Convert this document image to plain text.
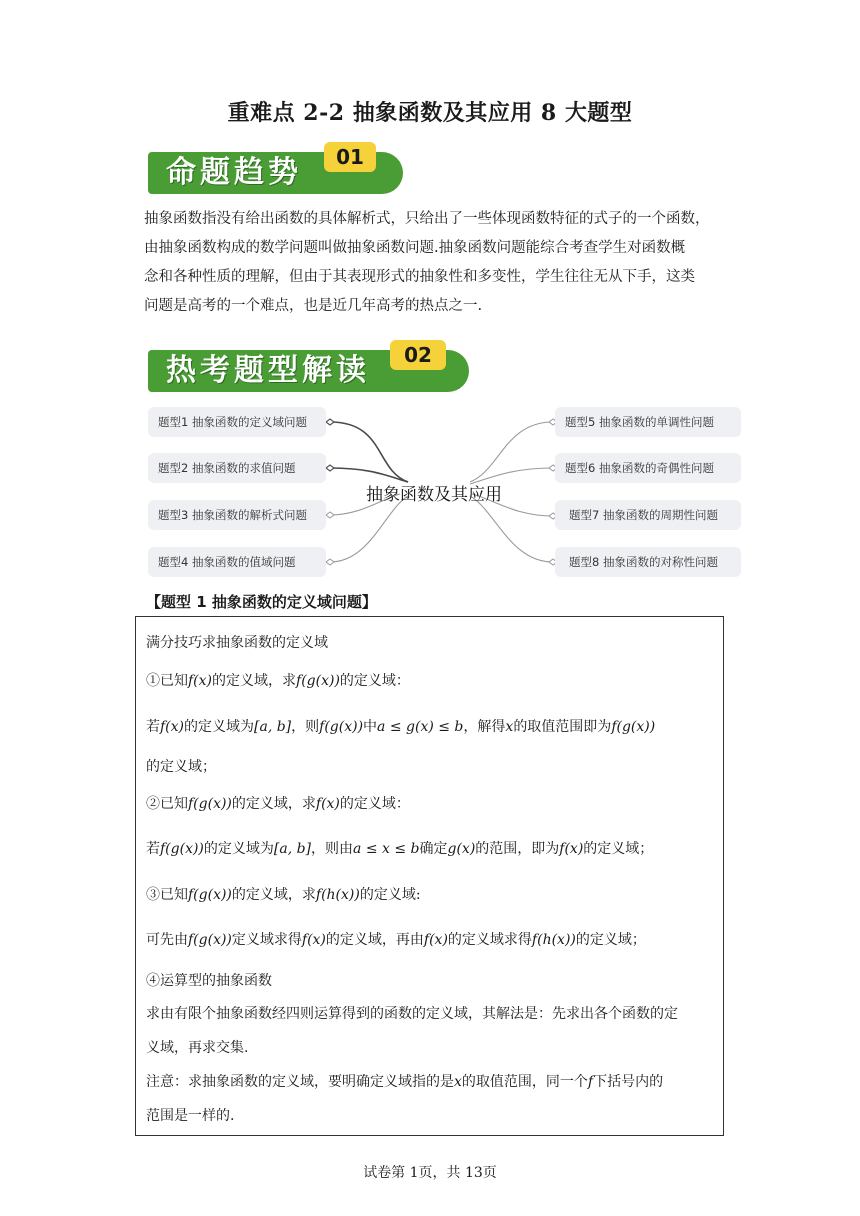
重难点 2-2 抽象函数及其应用 8 大题型
命题趋势	01
抽象函数指没有给出函数的具体解析式，只给出了一些体现函数特征的式子的一个函数，
由抽象函数构成的数学问题叫做抽象函数问题.抽象函数问题能综合考查学生对函数概
念和各种性质的理解，但由于其表现形式的抽象性和多变性，学生往往无从下手，这类
问题是高考的一个难点，也是近几年高考的热点之一.
热考题型解读	02
题型1 抽象函数的定义域问题
题型2 抽象函数的求值问题
题型3 抽象函数的解析式问题
题型4 抽象函数的值域问题
抽象函数及其应用
题型5 抽象函数的单调性问题
题型6 抽象函数的奇偶性问题
题型7 抽象函数的周期性问题
题型8 抽象函数的对称性问题
【题型 1 抽象函数的定义域问题】
满分技巧求抽象函数的定义域
①已知f(x)的定义域，求f(g(x))的定义域：
若f(x)的定义域为[a, b]，则f(g(x))中a ≤ g(x) ≤ b，解得x的取值范围即为f(g(x))
的定义域；
②已知f(g(x))的定义域，求f(x)的定义域：
若f(g(x))的定义域为[a, b]，则由a ≤ x ≤ b确定g(x)的范围，即为f(x)的定义域；
③已知f(g(x))的定义域，求f(h(x))的定义域:
可先由f(g(x))定义域求得f(x)的定义域，再由f(x)的定义域求得f(h(x))的定义域；
④运算型的抽象函数
求由有限个抽象函数经四则运算得到的函数的定义域，其解法是：先求出各个函数的定
义域，再求交集.
注意：求抽象函数的定义域，要明确定义域指的是x的取值范围，同一个f下括号内的
范围是一样的.
试卷第 1页，共 13页
